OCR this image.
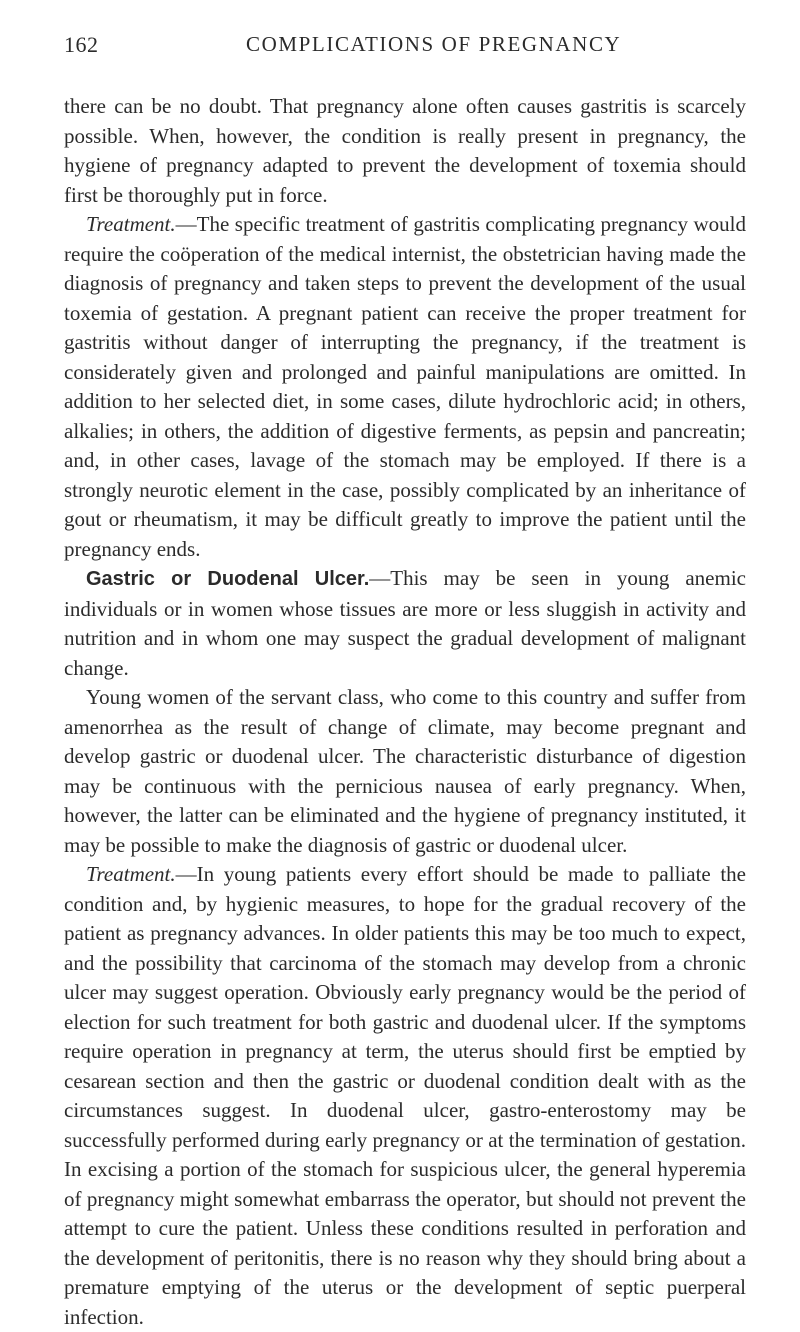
162	COMPLICATIONS OF PREGNANCY

there can be no doubt. That pregnancy alone often causes gastritis is scarcely possible. When, however, the condition is really present in pregnancy, the hygiene of pregnancy adapted to prevent the development of toxemia should first be thoroughly put in force.

Treatment.—The specific treatment of gastritis complicating pregnancy would require the coöperation of the medical internist, the obstetrician having made the diagnosis of pregnancy and taken steps to prevent the development of the usual toxemia of gestation. A pregnant patient can receive the proper treatment for gastritis without danger of interrupting the pregnancy, if the treatment is considerately given and prolonged and painful manipulations are omitted. In addition to her selected diet, in some cases, dilute hydrochloric acid; in others, alkalies; in others, the addition of digestive ferments, as pepsin and pancreatin; and, in other cases, lavage of the stomach may be employed. If there is a strongly neurotic element in the case, possibly complicated by an inheritance of gout or rheumatism, it may be difficult greatly to improve the patient until the pregnancy ends.

Gastric or Duodenal Ulcer.—This may be seen in young anemic individuals or in women whose tissues are more or less sluggish in activity and nutrition and in whom one may suspect the gradual development of malignant change.

Young women of the servant class, who come to this country and suffer from amenorrhea as the result of change of climate, may become pregnant and develop gastric or duodenal ulcer. The characteristic disturbance of digestion may be continuous with the pernicious nausea of early pregnancy. When, however, the latter can be eliminated and the hygiene of pregnancy instituted, it may be possible to make the diagnosis of gastric or duodenal ulcer.

Treatment.—In young patients every effort should be made to palliate the condition and, by hygienic measures, to hope for the gradual recovery of the patient as pregnancy advances. In older patients this may be too much to expect, and the possibility that carcinoma of the stomach may develop from a chronic ulcer may suggest operation. Obviously early pregnancy would be the period of election for such treatment for both gastric and duodenal ulcer. If the symptoms require operation in pregnancy at term, the uterus should first be emptied by cesarean section and then the gastric or duodenal condition dealt with as the circumstances suggest. In duodenal ulcer, gastro-enterostomy may be successfully performed during early pregnancy or at the termination of gestation. In excising a portion of the stomach for suspicious ulcer, the general hyperemia of pregnancy might somewhat embarrass the operator, but should not prevent the attempt to cure the patient. Unless these conditions resulted in perforation and the development of peritonitis, there is no reason why they should bring about a premature emptying of the uterus or the development of septic puerperal infection.
